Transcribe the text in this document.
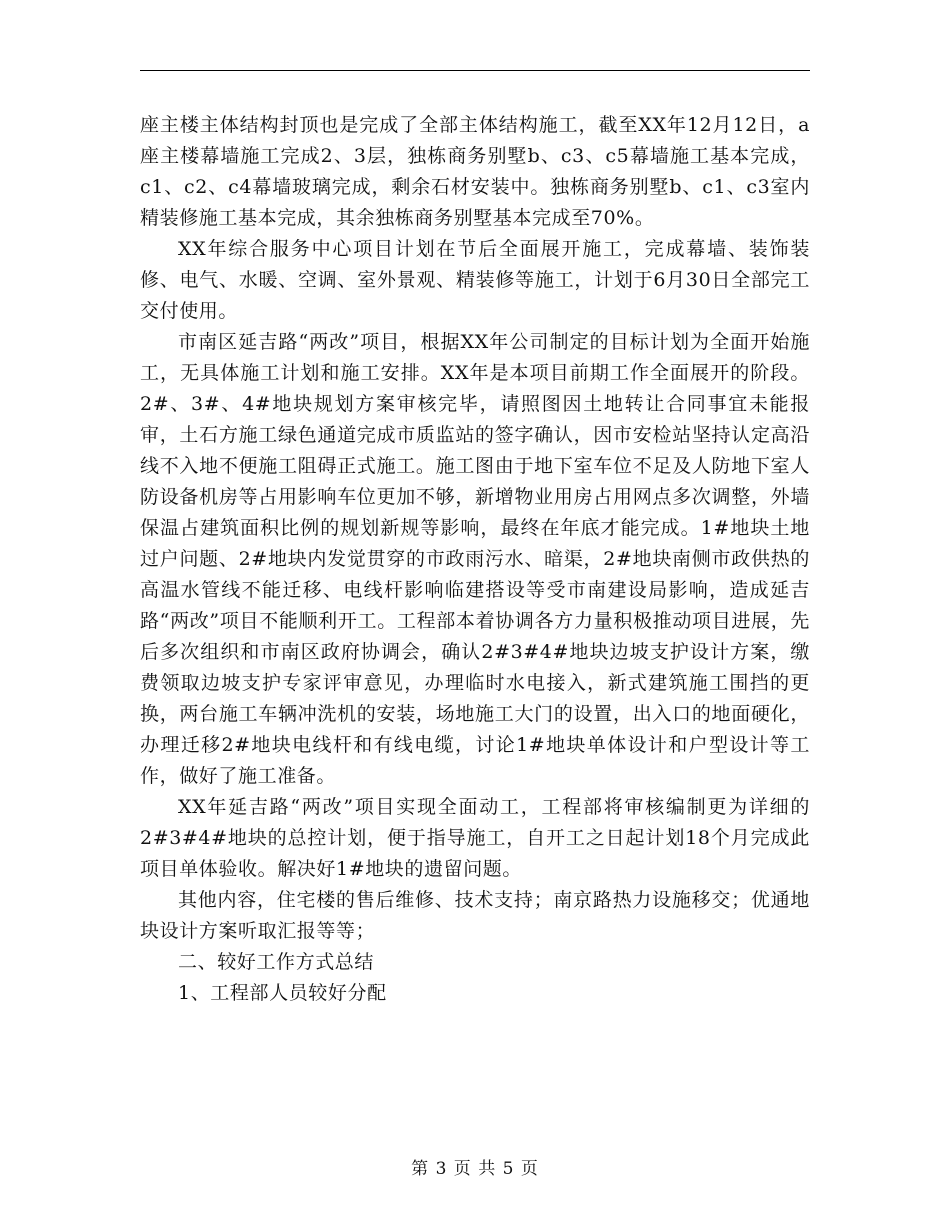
座主楼主体结构封顶也是完成了全部主体结构施工，截至XX年12月12日，a座主楼幕墙施工完成2、3层，独栋商务别墅b、c3、c5幕墙施工基本完成，c1、c2、c4幕墙玻璃完成，剩余石材安装中。独栋商务别墅b、c1、c3室内精装修施工基本完成，其余独栋商务别墅基本完成至70%。

XX年综合服务中心项目计划在节后全面展开施工，完成幕墙、装饰装修、电气、水暖、空调、室外景观、精装修等施工，计划于6月30日全部完工交付使用。

市南区延吉路“两改”项目，根据XX年公司制定的目标计划为全面开始施工，无具体施工计划和施工安排。XX年是本项目前期工作全面展开的阶段。2#、3#、4#地块规划方案审核完毕，请照图因土地转让合同事宜未能报审，土石方施工绿色通道完成市质监站的签字确认，因市安检站坚持认定高沿线不入地不便施工阻碍正式施工。施工图由于地下室车位不足及人防地下室人防设备机房等占用影响车位更加不够，新增物业用房占用网点多次调整，外墙保温占建筑面积比例的规划新规等影响，最终在年底才能完成。1#地块土地过户问题、2#地块内发觉贯穿的市政雨污水、暗渠，2#地块南侧市政供热的高温水管线不能迁移、电线杆影响临建搭设等受市南建设局影响，造成延吉路“两改”项目不能顺利开工。工程部本着协调各方力量积极推动项目进展，先后多次组织和市南区政府协调会，确认2#3#4#地块边坡支护设计方案，缴费领取边坡支护专家评审意见，办理临时水电接入，新式建筑施工围挡的更换，两台施工车辆冲洗机的安装，场地施工大门的设置，出入口的地面硬化，办理迁移2#地块电线杆和有线电缆，讨论1#地块单体设计和户型设计等工作，做好了施工准备。

XX年延吉路“两改”项目实现全面动工，工程部将审核编制更为详细的2#3#4#地块的总控计划，便于指导施工，自开工之日起计划18个月完成此项目单体验收。解决好1#地块的遗留问题。

其他内容，住宅楼的售后维修、技术支持；南京路热力设施移交；优通地块设计方案听取汇报等等；

二、较好工作方式总结

1、工程部人员较好分配

第 3 页 共 5 页
